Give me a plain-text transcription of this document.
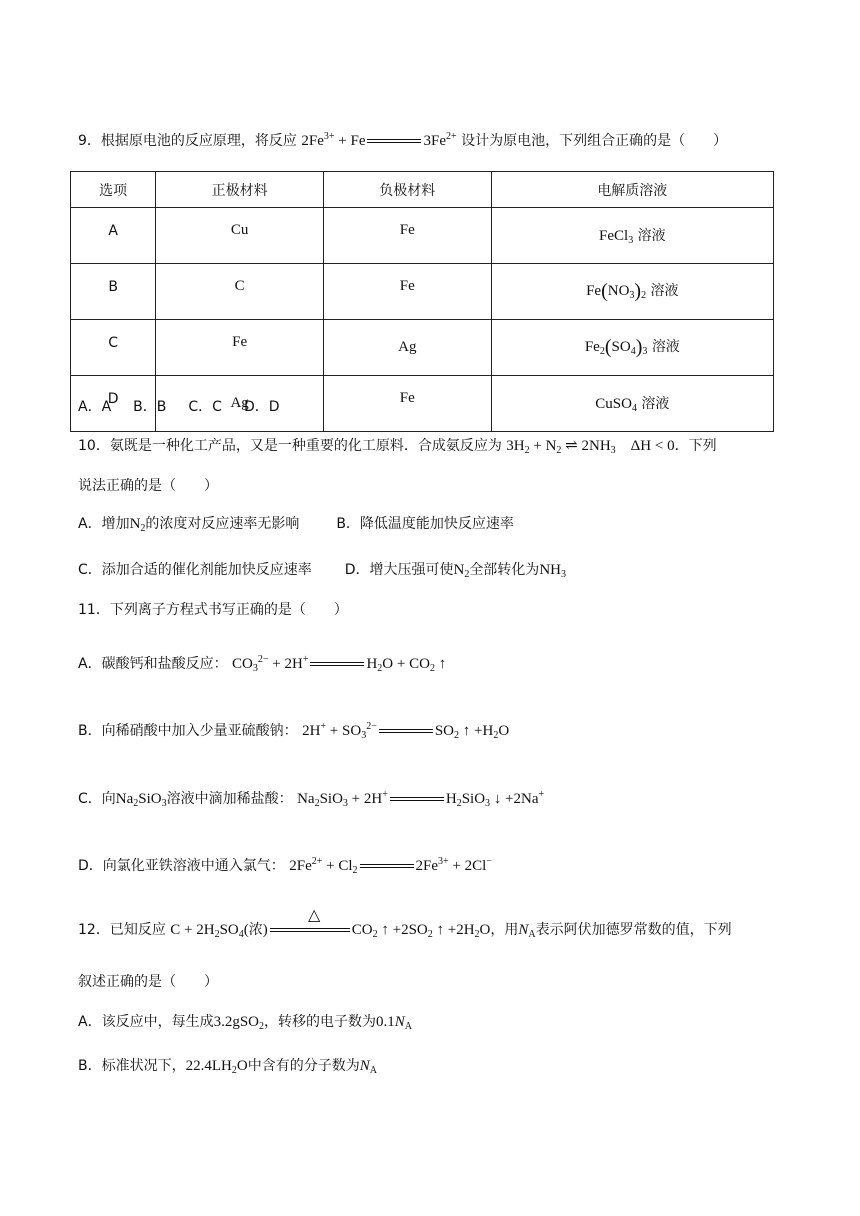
9．根据原电池的反应原理，将反应 $2Fe^{3+} + Fe$	$3Fe^{2+}$ 设计为原电池，下列组合正确的是（　　）
选项	正极材料	负极材料	电解质溶液
A	Cu	Fe	FeCl$_3$ 溶液
B	C	Fe	$Fe(NO_3)_2$ 溶液
C	Fe	Ag	$Fe_2(SO_4)_3$ 溶液
D	Ag	Fe	CuSO$_4$ 溶液
A．A B．B C．C D．D
10．氨既是一种化工产品，又是一种重要的化工原料．合成氨反应为 $3H_2 + N_2$ ⇌ $2NH_3$    ΔH < 0．下列
说法正确的是（　　）
A．增加$N_2$的浓度对反应速率无影响	B．降低温度能加快反应速率
C．添加合适的催化剂能加快反应速率 D．增大压强可使$N_2$全部转化为$NH_3$
11．下列离子方程式书写正确的是（　　）
A．碳酸钙和盐酸反应： $CO_3^{2-} + 2H^+$	$H_2O + CO_2$ ↑
B．向稀硝酸中加入少量亚硫酸钠： $2H^+ + SO_3^{2-}$	$SO_2$ ↑ $+H_2O$
C．向$Na_2SiO_3$溶液中滴加稀盐酸： $Na_2SiO_3 + 2H^+$	$H_2SiO_3$ ↓ +2Na+
D．向氯化亚铁溶液中通入氯气： $2Fe^{2+} + Cl_2$	$2Fe^{3+} + 2Cl^-$
△
12．已知反应 $C + 2H_2SO_4$(浓)	$CO_2$ ↑ $+2SO_2$ ↑ $+2H_2O$，用$N_A$表示阿伏加德罗常数的值，下列
叙述正确的是（　　）
A．该反应中，每生成3.2gSO$_2$，转移的电子数为$0.1N_A$
B．标准状况下，$22.4LH_2O$中含有的分子数为$N_A$
